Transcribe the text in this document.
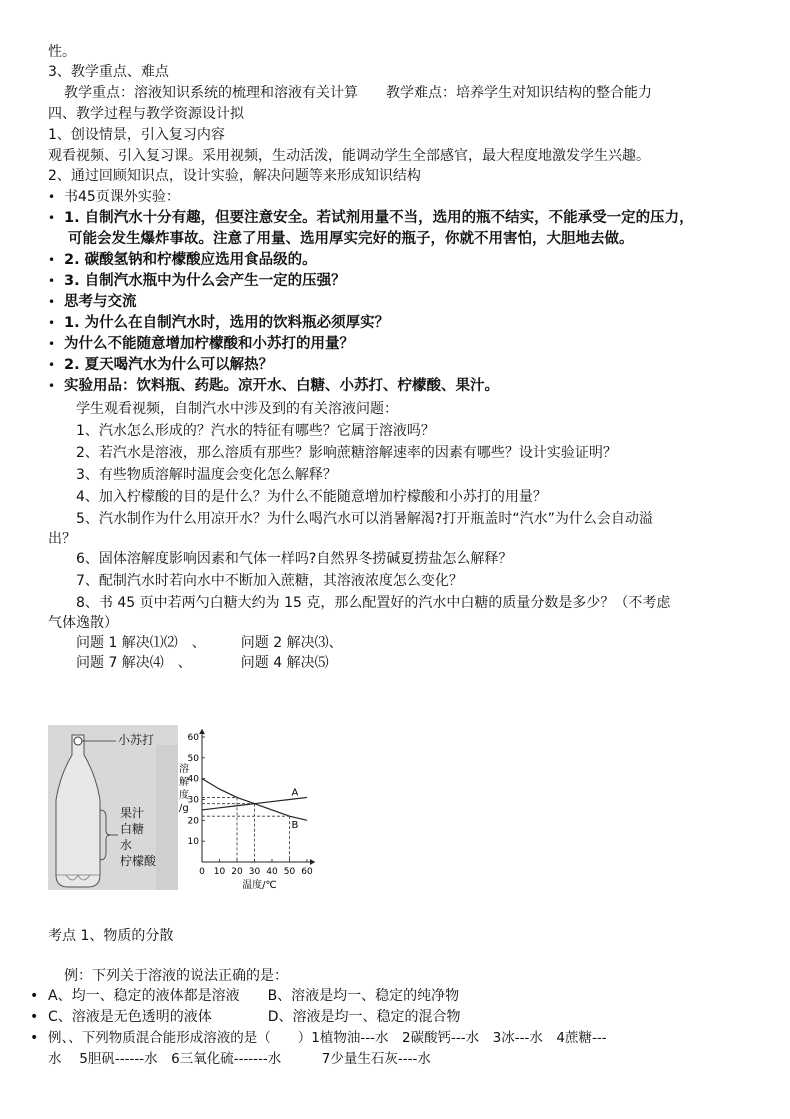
性。
3、教学重点、难点
教学重点：溶液知识系统的梳理和溶液有关计算　　教学难点：培养学生对知识结构的整合能力
四、教学过程与教学资源设计拟
1、创设情景，引入复习内容
观看视频、引入复习课。采用视频，生动活泼，能调动学生全部感官，最大程度地激发学生兴趣。
2、通过回顾知识点，设计实验，解决问题等来形成知识结构
• 书45页课外实验：
• 1. 自制汽水十分有趣，但要注意安全。若试剂用量不当，选用的瓶不结实，不能承受一定的压力，
可能会发生爆炸事故。注意了用量、选用厚实完好的瓶子，你就不用害怕，大胆地去做。
• 2. 碳酸氢钠和柠檬酸应选用食品级的。
• 3. 自制汽水瓶中为什么会产生一定的压强？
• 思考与交流
• 1. 为什么在自制汽水时，选用的饮料瓶必须厚实？
• 为什么不能随意增加柠檬酸和小苏打的用量？
• 2. 夏天喝汽水为什么可以解热？
• 实验用品：饮料瓶、药匙。凉开水、白糖、小苏打、柠檬酸、果汁。
学生观看视频，自制汽水中涉及到的有关溶液问题：
1、汽水怎么形成的？汽水的特征有哪些？它属于溶液吗？
2、若汽水是溶液，那么溶质有那些？影响蔗糖溶解速率的因素有哪些？设计实验证明？
3、有些物质溶解时温度会变化怎么解释？
4、加入柠檬酸的目的是什么？为什么不能随意增加柠檬酸和小苏打的用量？
5、汽水制作为什么用凉开水？为什么喝汽水可以消暑解渴?打开瓶盖时“汽水”为什么会自动溢
出？
6、固体溶解度影响因素和气体一样吗?自然界冬捞碱夏捞盐怎么解释？
7、配制汽水时若向水中不断加入蔗糖，其溶液浓度怎么变化？
8、书 45 页中若两勺白糖大约为 15 克，那么配置好的汽水中白糖的质量分数是多少？（不考虑
气体逸散）
问题 1 解决⑴⑵　、　　　问题 2 解决⑶、
问题 7 解决⑷　、　　　　问题 4 解决⑸
小苏打
果汁
白糖
水
柠檬酸
0 10 20 30 40 50 60
60
50
40
30
20
10
溶
解
度
/g
温度/℃
A
B
考点 1、物质的分散
例：下列关于溶液的说法正确的是：
• A、均一、稳定的液体都是溶液　　B、溶液是均一、稳定的纯净物
• C、溶液是无色透明的液体　　　　D、溶液是均一、稳定的混合物
• 例、、下列物质混合能形成溶液的是（　　）1植物油---水　2碳酸钙---水　3冰---水　4蔗糖---
水　 5胆矾------水　6三氧化硫-------水　　　7少量生石灰----水
